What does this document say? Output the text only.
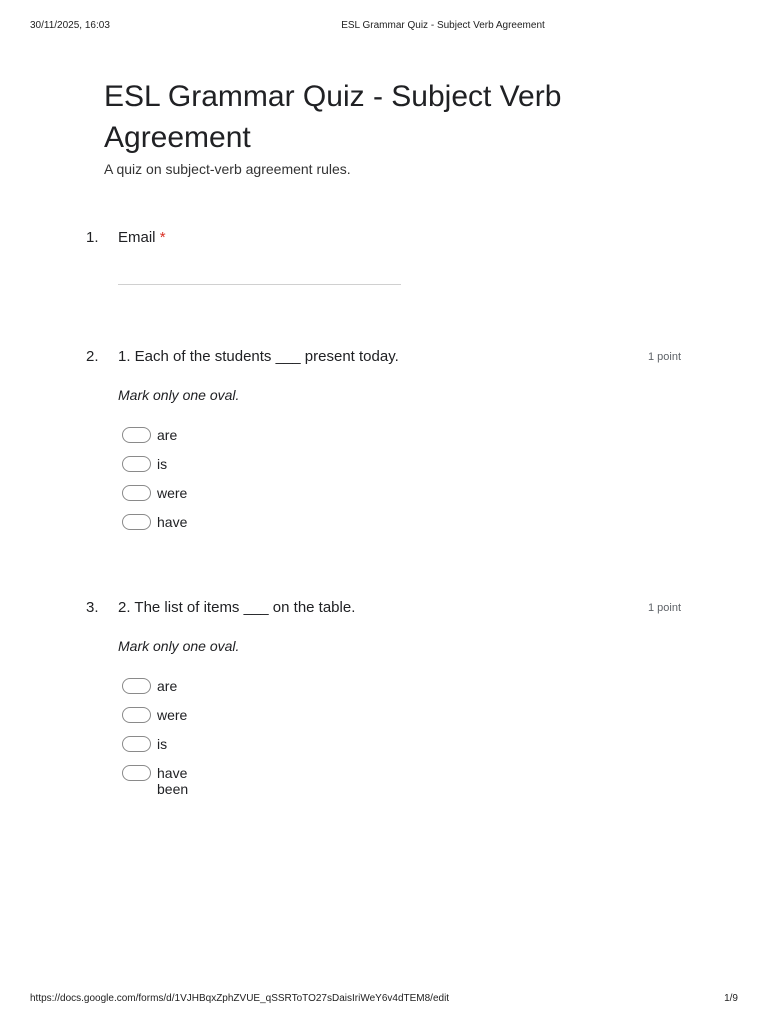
30/11/2025, 16:03	ESL Grammar Quiz - Subject Verb Agreement
ESL Grammar Quiz - Subject Verb Agreement
A quiz on subject-verb agreement rules.
1. Email *
2. 1. Each of the students ___ present today.	1 point
Mark only one oval.
are
is
were
have
3. 2. The list of items ___ on the table.	1 point
Mark only one oval.
are
were
is
have been
https://docs.google.com/forms/d/1VJHBqxZphZVUE_qSSRToTO27sDaisIriWeY6v4dTEM8/edit	1/9
